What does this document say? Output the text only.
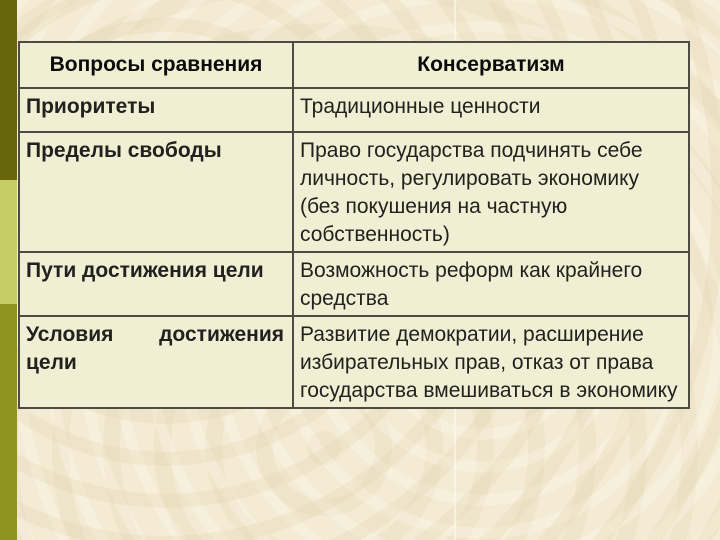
Вопросы сравнения	Консерватизм
Приоритеты	Традиционные ценности
Пределы свободы	Право государства подчинять себе личность, регулировать экономику (без покушения на частную собственность)
Пути достижения цели	Возможность реформ как крайнего средства
Условия достижения цели	Развитие демократии, расширение избирательных прав, отказ от права государства вмешиваться в экономику
